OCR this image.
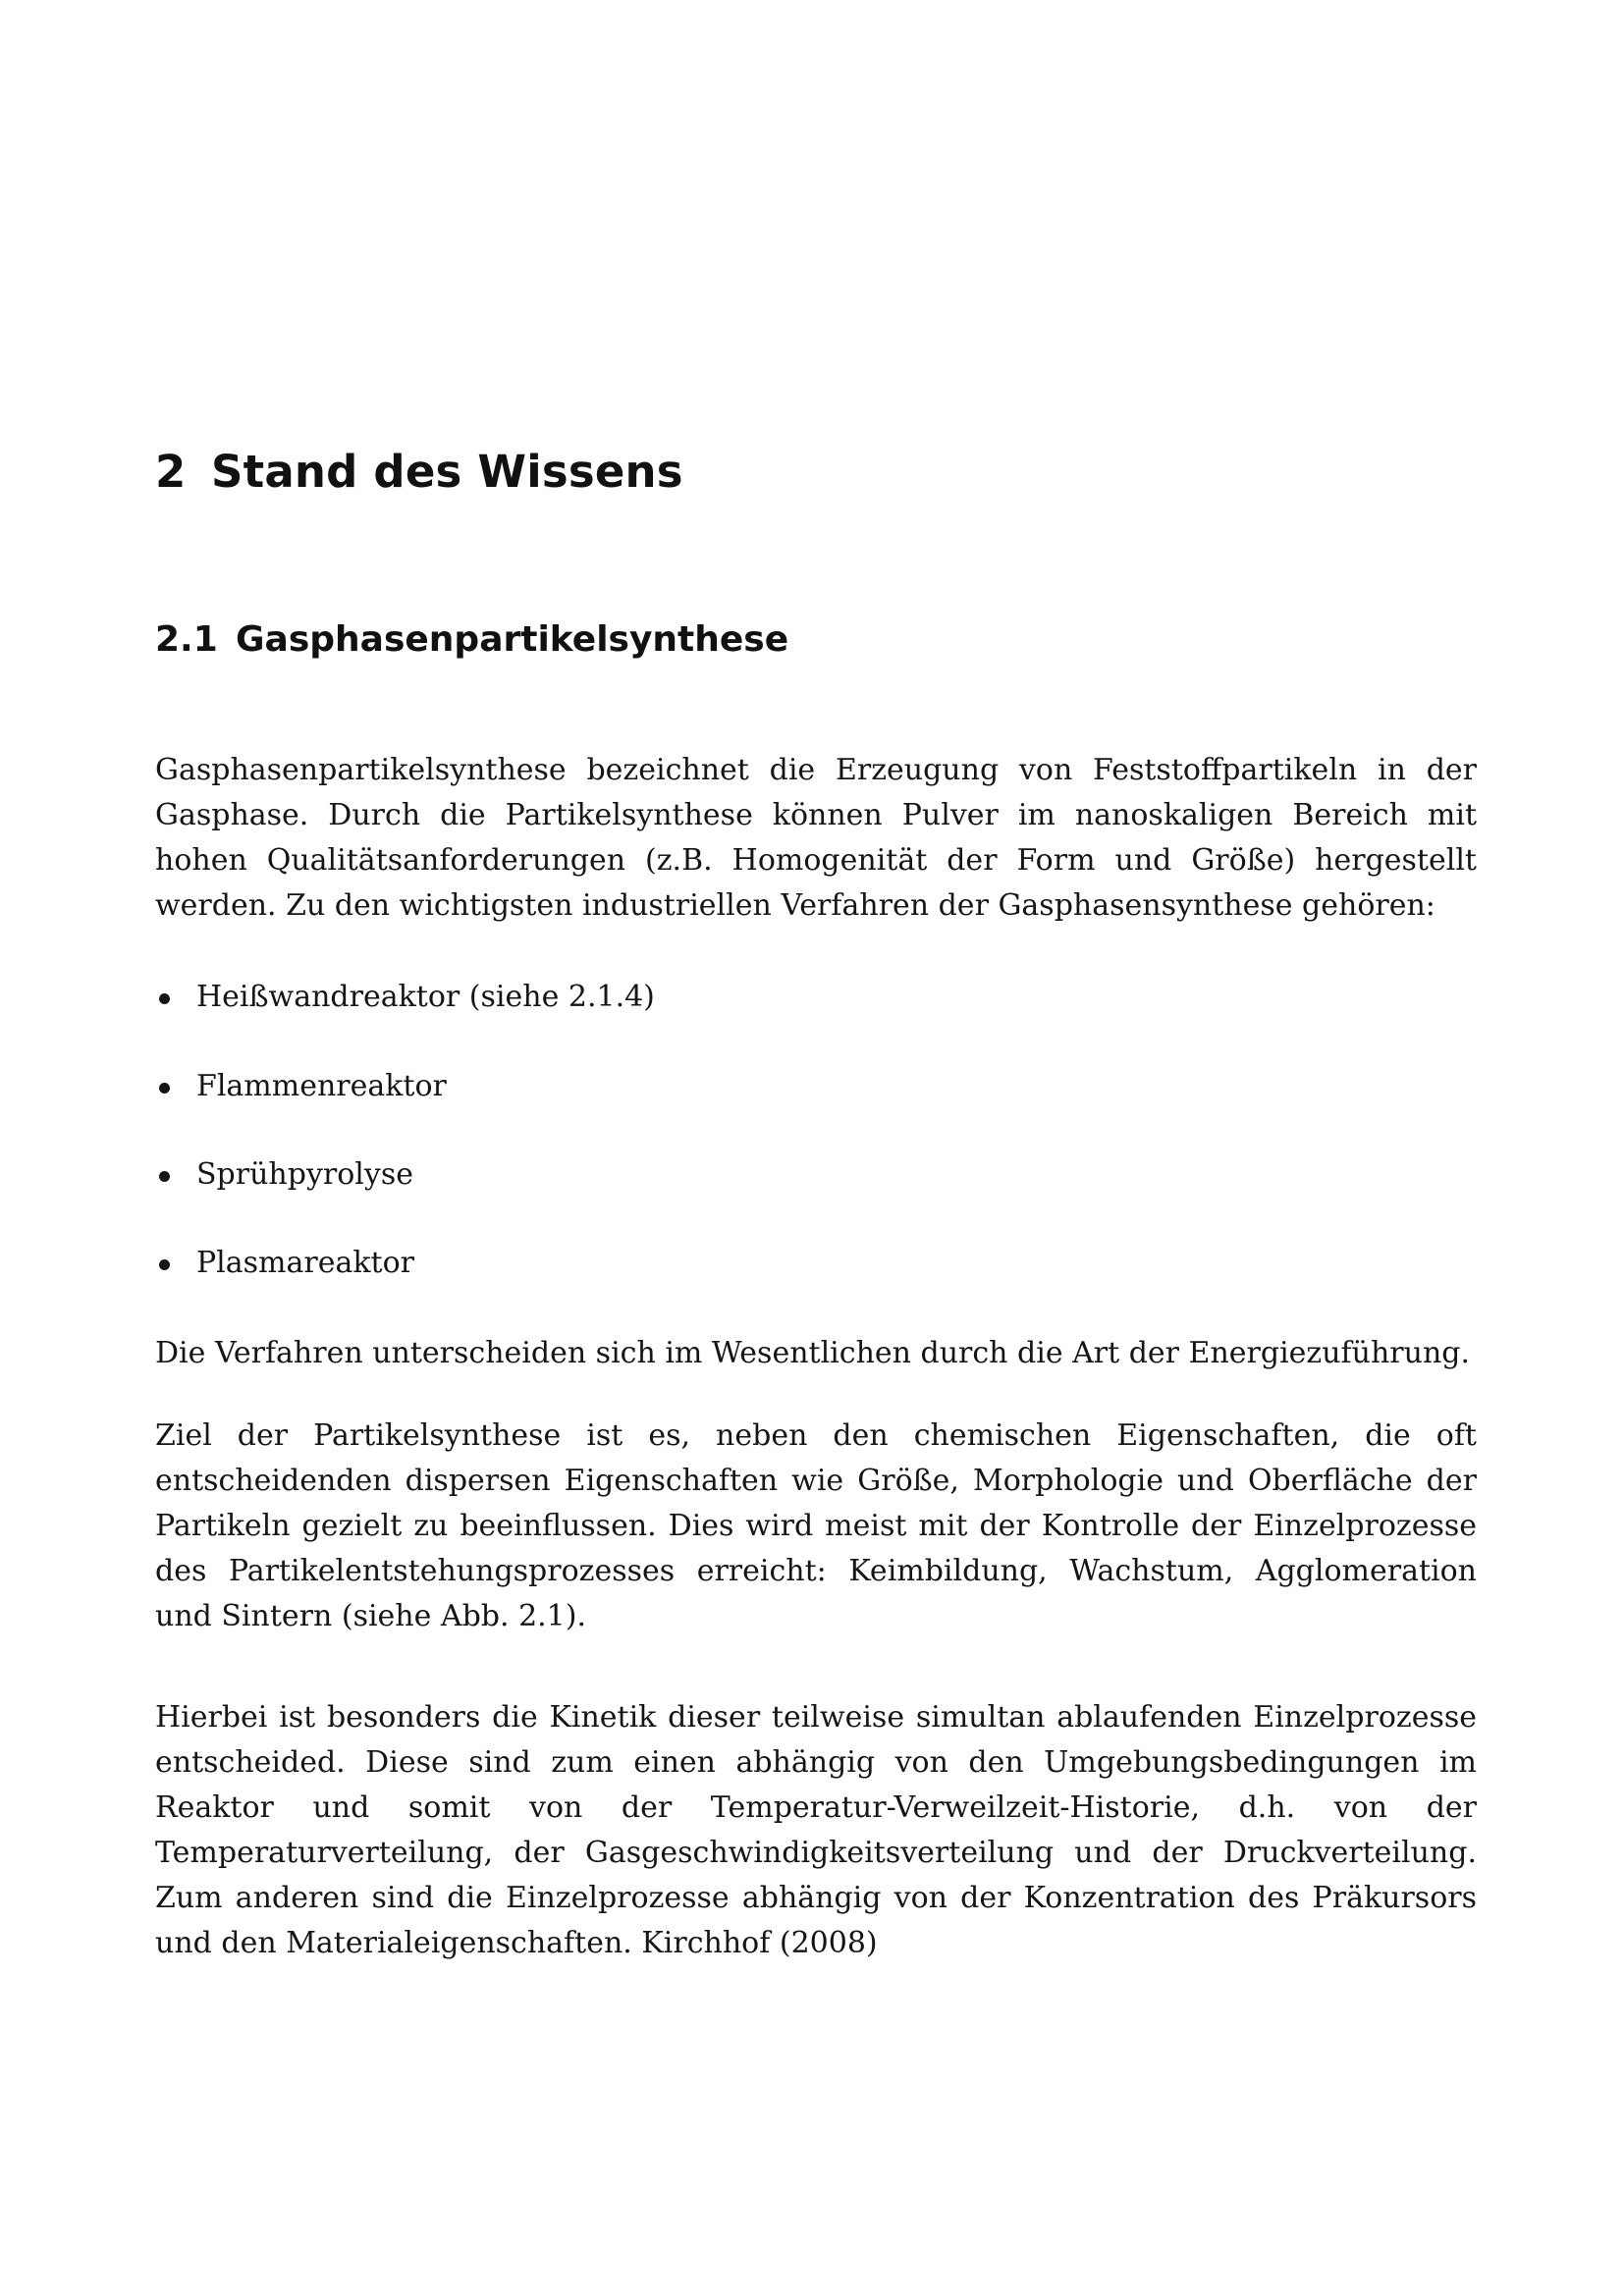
2 Stand des Wissens
2.1 Gasphasenpartikelsynthese

Gasphasenpartikelsynthese bezeichnet die Erzeugung von Feststoffpartikeln in der Gasphase. Durch die Partikelsynthese können Pulver im nanoskaligen Bereich mit hohen Qualitätsanforderungen (z.B. Homogenität der Form und Größe) hergestellt werden. Zu den wichtigsten industriellen Verfahren der Gasphasensynthese gehören:

Heißwandreaktor (siehe 2.1.4)
Flammenreaktor
Sprühpyrolyse
Plasmareaktor

Die Verfahren unterscheiden sich im Wesentlichen durch die Art der Energiezuführung.

Ziel der Partikelsynthese ist es, neben den chemischen Eigenschaften, die oft entscheidenden dispersen Eigenschaften wie Größe, Morphologie und Oberfläche der Partikeln gezielt zu beeinflussen. Dies wird meist mit der Kontrolle der Einzelprozesse des Partikelentstehungsprozesses erreicht: Keimbildung, Wachstum, Agglomeration und Sintern (siehe Abb. 2.1).

Hierbei ist besonders die Kinetik dieser teilweise simultan ablaufenden Einzelprozesse entscheided. Diese sind zum einen abhängig von den Umgebungsbedingungen im Reaktor und somit von der Temperatur-Verweilzeit-Historie, d.h. von der Temperaturverteilung, der Gasgeschwindigkeitsverteilung und der Druckverteilung. Zum anderen sind die Einzelprozesse abhängig von der Konzentration des Präkursors und den Materialeigenschaften. Kirchhof (2008)
